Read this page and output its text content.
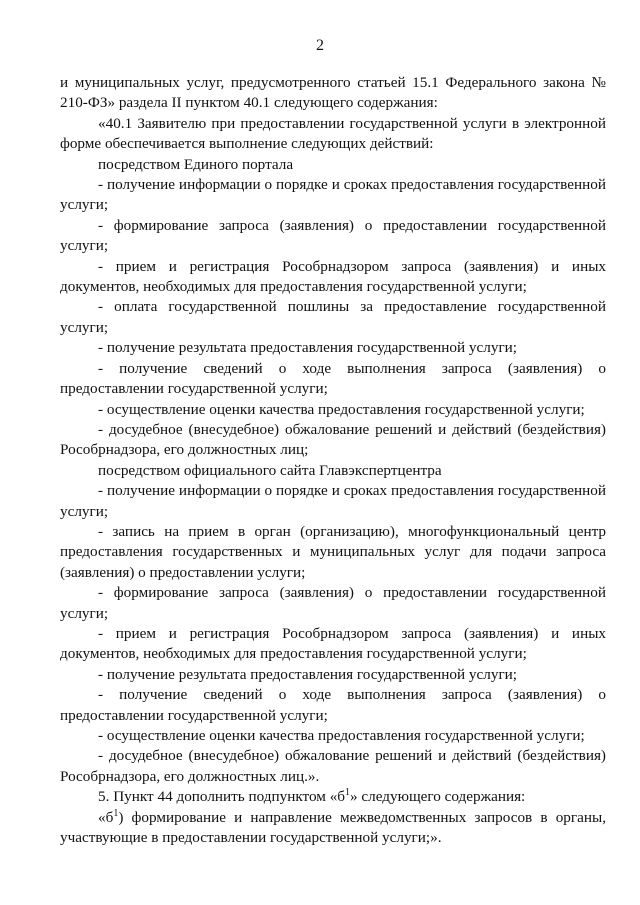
2

и муниципальных услуг, предусмотренного статьей 15.1 Федерального закона № 210-ФЗ» раздела II пунктом 40.1 следующего содержания:

«40.1 Заявителю при предоставлении государственной услуги в электронной форме обеспечивается выполнение следующих действий:

посредством Единого портала

- получение информации о порядке и сроках предоставления государственной услуги;

- формирование запроса (заявления) о предоставлении государственной услуги;

- прием и регистрация Рособрнадзором запроса (заявления) и иных документов, необходимых для предоставления государственной услуги;

- оплата государственной пошлины за предоставление государственной услуги;

- получение результата предоставления государственной услуги;

- получение сведений о ходе выполнения запроса (заявления) о предоставлении государственной услуги;

- осуществление оценки качества предоставления государственной услуги;

- досудебное (внесудебное) обжалование решений и действий (бездействия) Рособрнадзора, его должностных лиц;

посредством официального сайта Главэкспертцентра

- получение информации о порядке и сроках предоставления государственной услуги;

- запись на прием в орган (организацию), многофункциональный центр предоставления государственных и муниципальных услуг для подачи запроса (заявления) о предоставлении услуги;

- формирование запроса (заявления) о предоставлении государственной услуги;

- прием и регистрация Рособрнадзором запроса (заявления) и иных документов, необходимых для предоставления государственной услуги;

- получение результата предоставления государственной услуги;

- получение сведений о ходе выполнения запроса (заявления) о предоставлении государственной услуги;

- осуществление оценки качества предоставления государственной услуги;

- досудебное (внесудебное) обжалование решений и действий (бездействия) Рособрнадзора, его должностных лиц.».

5. Пункт 44 дополнить подпунктом «$б^1$» следующего содержания:

«$б^1$) формирование и направление межведомственных запросов в органы, участвующие в предоставлении государственной услуги;».
